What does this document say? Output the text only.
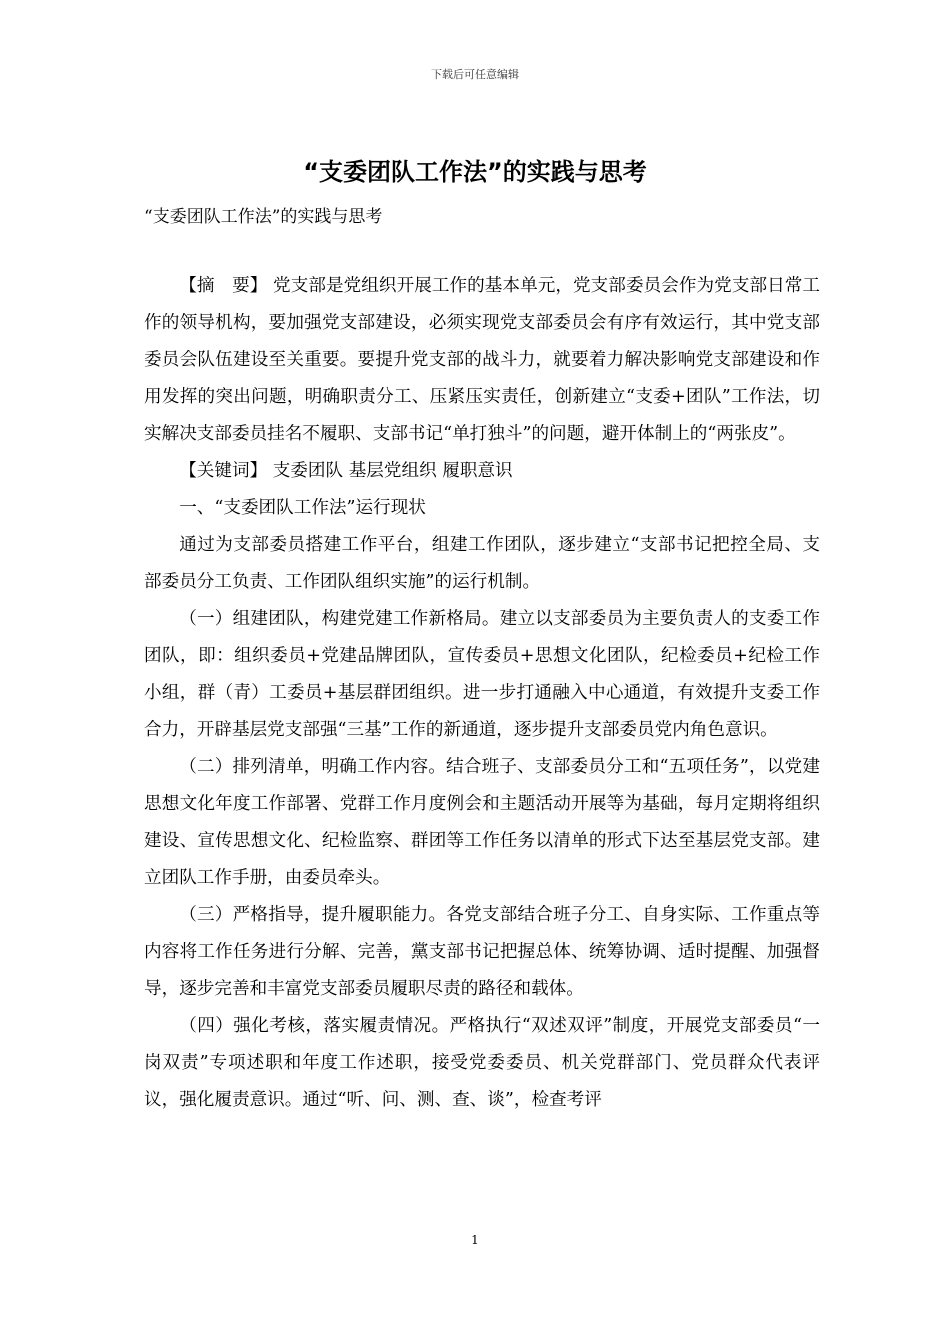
下载后可任意编辑
“支委团队工作法”的实践与思考
“支委团队工作法”的实践与思考

【摘　要】 党支部是党组织开展工作的基本单元，党支部委员会作为党支部日常工作的领导机构，要加强党支部建设，必须实现党支部委员会有序有效运行，其中党支部委员会队伍建设至关重要。要提升党支部的战斗力，就要着力解决影响党支部建设和作用发挥的突出问题，明确职责分工、压紧压实责任，创新建立“支委+团队”工作法，切实解决支部委员挂名不履职、支部书记“单打独斗”的问题，避开体制上的“两张皮”。

【关键词】 支委团队 基层党组织 履职意识

一、“支委团队工作法”运行现状

通过为支部委员搭建工作平台，组建工作团队，逐步建立“支部书记把控全局、支部委员分工负责、工作团队组织实施”的运行机制。

（一）组建团队，构建党建工作新格局。建立以支部委员为主要负责人的支委工作团队，即：组织委员+党建品牌团队，宣传委员+思想文化团队，纪检委员+纪检工作小组，群（青）工委员+基层群团组织。进一步打通融入中心通道，有效提升支委工作合力，开辟基层党支部强“三基”工作的新通道，逐步提升支部委员党内角色意识。

（二）排列清单，明确工作内容。结合班子、支部委员分工和“五项任务”，以党建思想文化年度工作部署、党群工作月度例会和主题活动开展等为基础，每月定期将组织建设、宣传思想文化、纪检监察、群团等工作任务以清单的形式下达至基层党支部。建立团队工作手册，由委员牵头。

（三）严格指导，提升履职能力。各党支部结合班子分工、自身实际、工作重点等内容将工作任务进行分解、完善，黨支部书记把握总体、统筹协调、适时提醒、加强督导，逐步完善和丰富党支部委员履职尽责的路径和载体。

（四）强化考核，落实履责情况。严格执行“双述双评”制度，开展党支部委员“一岗双责”专项述职和年度工作述职，接受党委委员、机关党群部门、党员群众代表评议，强化履责意识。通过“听、问、测、查、谈”，检查考评

1
